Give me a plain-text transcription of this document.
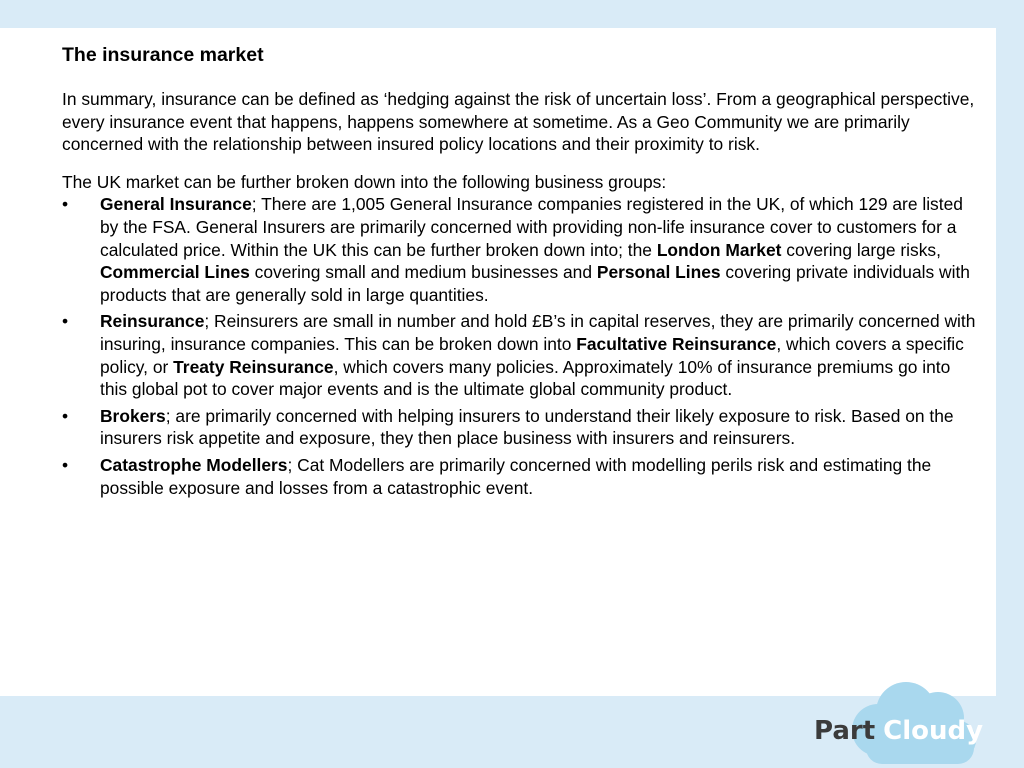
The insurance market

In summary, insurance can be defined as ‘hedging against the risk of uncertain loss’. From a geographical perspective, every insurance event that happens, happens somewhere at sometime. As a Geo Community we are primarily concerned with the relationship between insured policy locations and their proximity to risk.

The UK market can be further broken down into the following business groups:

• General Insurance; There are 1,005 General Insurance companies registered in the UK, of which 129 are listed by the FSA. General Insurers are primarily concerned with providing non-life insurance cover to customers for a calculated price. Within the UK this can be further broken down into; the London Market covering large risks, Commercial Lines covering small and medium businesses and Personal Lines covering private individuals with products that are generally sold in large quantities.
• Reinsurance; Reinsurers are small in number and hold £B’s in capital reserves, they are primarily concerned with insuring, insurance companies. This can be broken down into Facultative Reinsurance, which covers a specific policy, or Treaty Reinsurance, which covers many policies. Approximately 10% of insurance premiums go into this global pot to cover major events and is the ultimate global community product.
• Brokers; are primarily concerned with helping insurers to understand their likely exposure to risk. Based on the insurers risk appetite and exposure, they then place business with insurers and reinsurers.
• Catastrophe Modellers; Cat Modellers are primarily concerned with modelling perils risk and estimating the possible exposure and losses from a catastrophic event.
Part Cloudy
